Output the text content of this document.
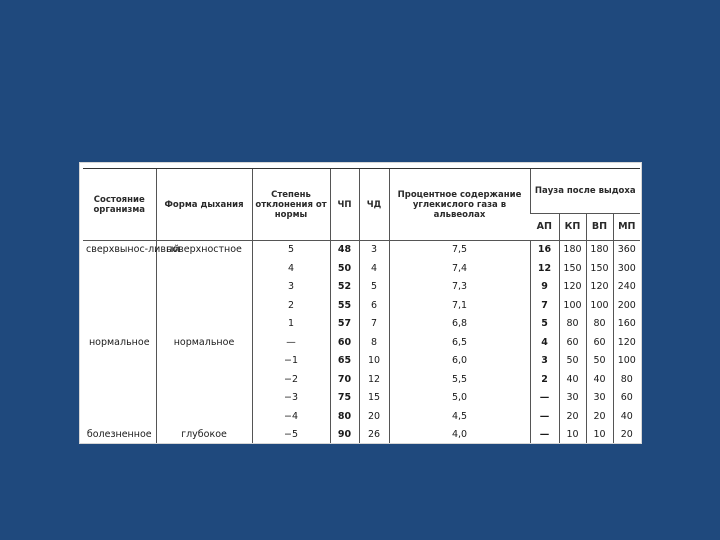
Состояние организма	Форма дыхания	Степень отклонения от нормы	ЧП	ЧД	Процентное содержание углекислого газа в альвеолах	Пауза после выдоха			
						АП	КП	ВП	МП
сверхвынос-ливый	поверхностное	5	48	3	7,5	16	180	180	360
		4	50	4	7,4	12	150	150	300
		3	52	5	7,3	9	120	120	240
		2	55	6	7,1	7	100	100	200
		1	57	7	6,8	5	80	80	160
нормальное	нормальное	—	60	8	6,5	4	60	60	120
		−1	65	10	6,0	3	50	50	100
		−2	70	12	5,5	2	40	40	80
		−3	75	15	5,0	—	30	30	60
		−4	80	20	4,5	—	20	20	40
болезненное	глубокое	−5	90	26	4,0	—	10	10	20
